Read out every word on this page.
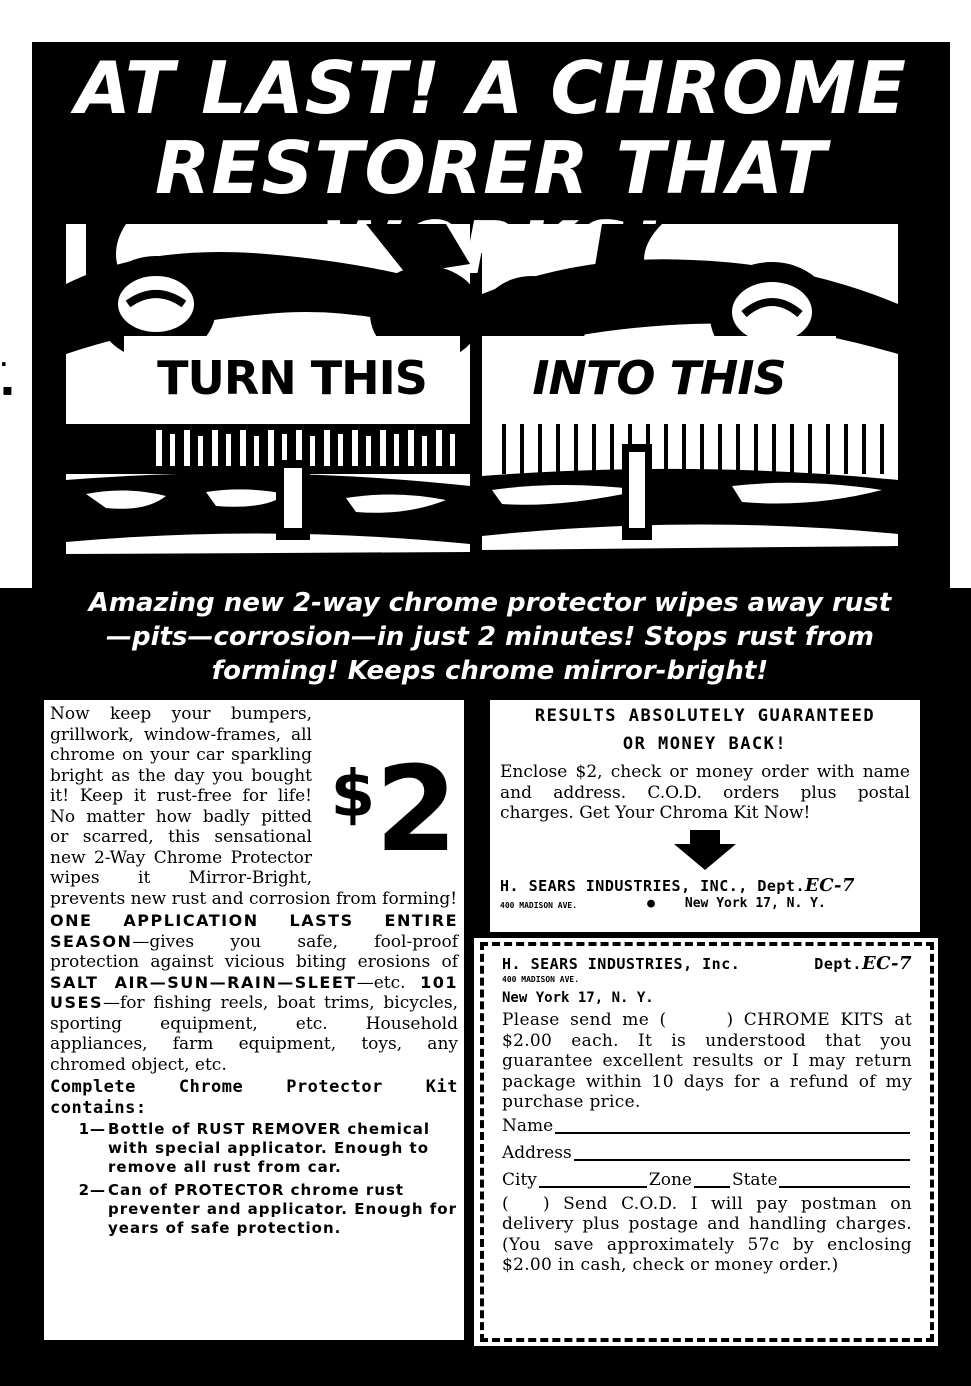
AT LAST! A CHROME
RESTORER THAT
TURN THIS	INTO THIS
Amazing new 2-way chrome protector wipes away rust
—pits—corrosion—in just 2 minutes! Stops rust from
forming! Keeps chrome mirror-bright!
$2

Now keep your bumpers, grillwork, window-frames, all chrome on your car sparkling bright as the day you bought it! Keep it rust-free for life! No matter how badly pitted or scarred, this sensational new 2-Way Chrome Protector wipes it Mirror-Bright, prevents new rust and corrosion from forming!

ONE APPLICATION LASTS ENTIRE SEASON—gives you safe, fool-proof protection against vicious biting erosions of SALT AIR—SUN—RAIN—SLEET—etc. 101 USES—for fishing reels, boat trims, bicycles, sporting equipment, etc. Household appliances, farm equipment, toys, any chromed object, etc.

Complete Chrome Protector Kit contains:

1— Bottle of RUST REMOVER chemical with special applicator. Enough to remove all rust from car.
2— Can of PROTECTOR chrome rust preventer and applicator. Enough for years of safe protection.
RESULTS ABSOLUTELY GUARANTEED
OR MONEY BACK!

Enclose $2, check or money order with name and address. C.O.D. orders plus postal charges. Get Your Chroma Kit Now!

H. SEARS INDUSTRIES, INC., Dept.EC-7
400 MADISON AVE.	● New York 17, N. Y.
H. SEARS INDUSTRIES, Inc.	Dept.EC-7
400 MADISON AVE.
New York 17, N. Y.

Please send me (	) CHROME KITS at $2.00 each. It is understood that you guarantee excellent results or I may return package within 10 days for a refund of my purchase price.

Name
Address
City	Zone State

( ) Send C.O.D. I will pay postman on delivery plus postage and handling charges. (You save approximately 57c by enclosing $2.00 in cash, check or money order.)

·
▪
